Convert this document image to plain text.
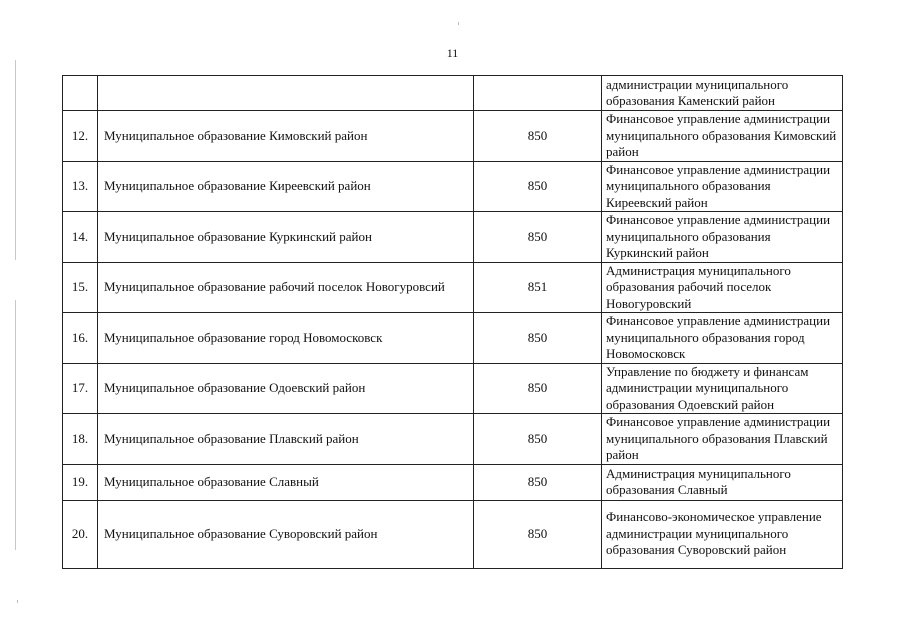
11
			администрации муниципального образования Каменский район
12.	Муниципальное образование Кимовский район	850	Финансовое управление администрации муниципального образования Кимовский район
13.	Муниципальное образование Киреевский район	850	Финансовое управление администрации муниципального образования Киреевский район
14.	Муниципальное образование Куркинский район	850	Финансовое управление администрации муниципального образования Куркинский район
15.	Муниципальное образование рабочий поселок Новогуровсий	851	Администрация муниципального образования рабочий поселок Новогуровский
16.	Муниципальное образование город Новомосковск	850	Финансовое управление администрации муниципального образования город Новомосковск
17.	Муниципальное образование Одоевский район	850	Управление по бюджету и финансам администрации муниципального образования Одоевский район
18.	Муниципальное образование Плавский район	850	Финансовое управление администрации муниципального образования Плавский район
19.	Муниципальное образование Славный	850	Администрация муниципального образования Славный
20.	Муниципальное образование Суворовский район	850	Финансово-экономическое управление администрации муниципального образования Суворовский район
